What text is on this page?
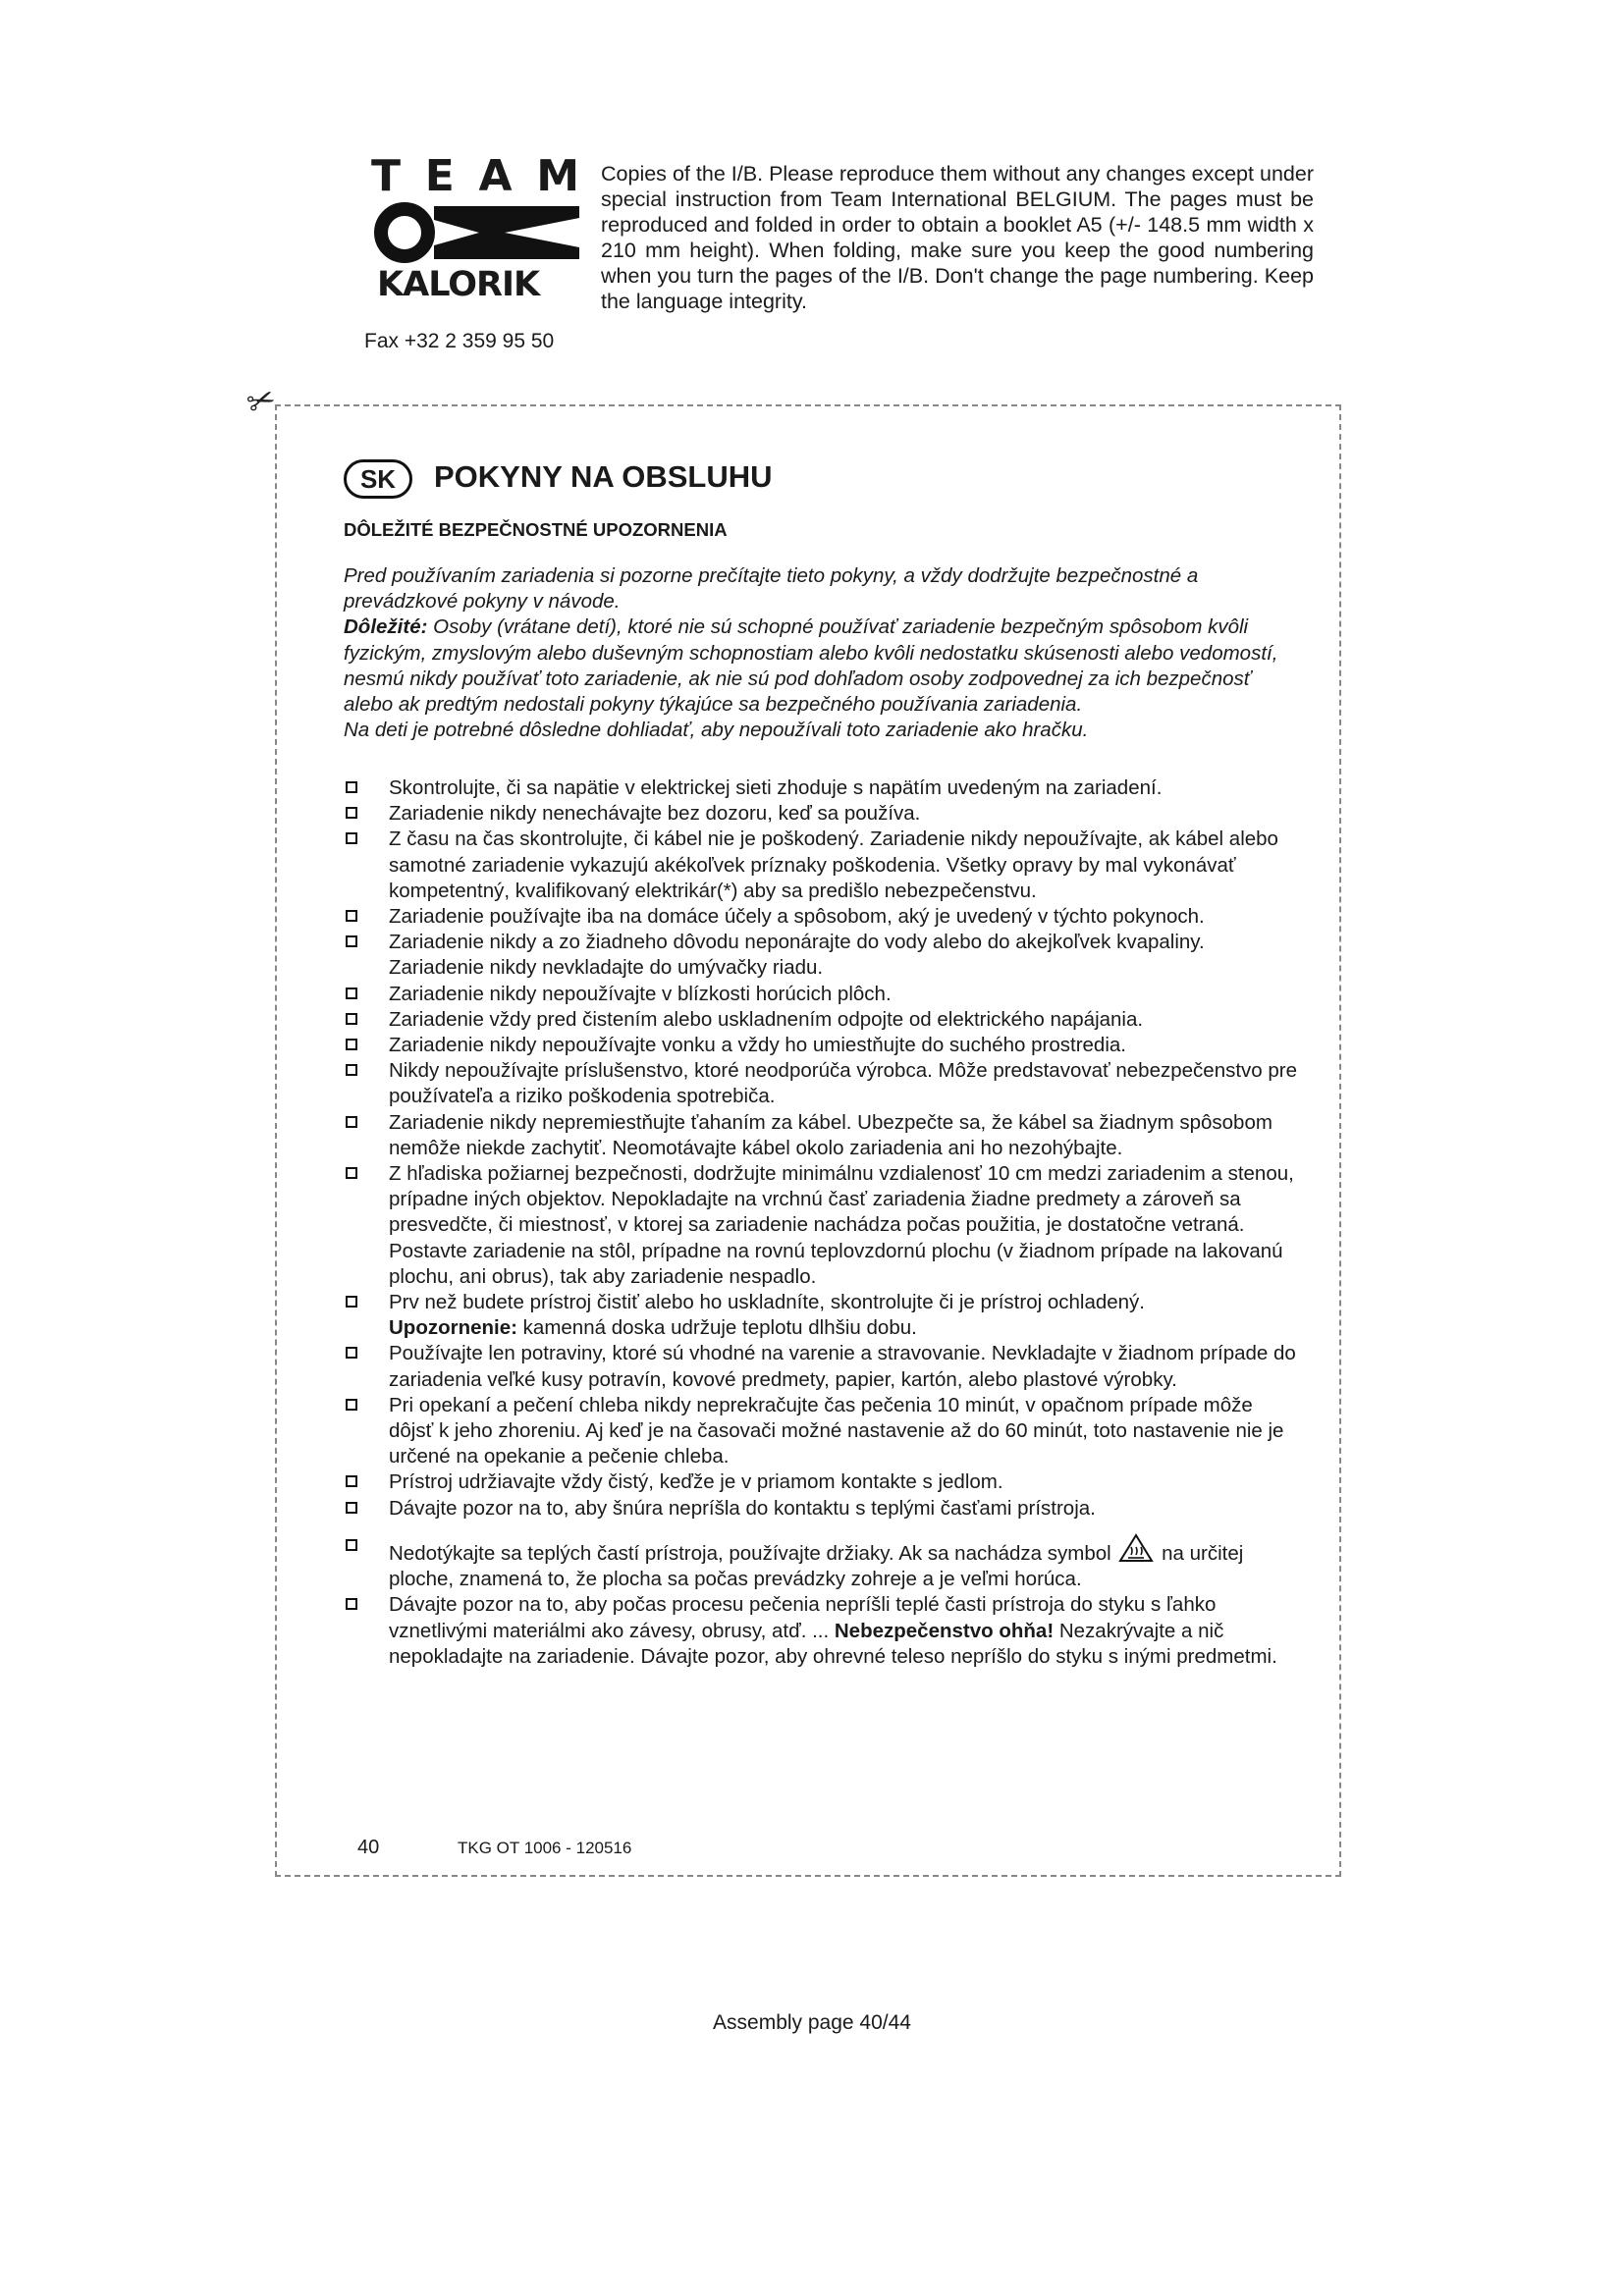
T E A M
KALORIK
Fax +32 2 359 95 50
Copies of the I/B. Please reproduce them without any changes except under special instruction from Team International BELGIUM. The pages must be reproduced and folded in order to obtain a booklet A5 (+/- 148.5 mm width x 210 mm height). When folding, make sure you keep the good numbering when you turn the pages of the I/B. Don't change the page numbering. Keep the language integrity.
✂
SK	POKYNY NA OBSLUHU
DÔLEŽITÉ BEZPEČNOSTNÉ UPOZORNENIA

Pred používaním zariadenia si pozorne prečítajte tieto pokyny, a vždy dodržujte bezpečnostné a prevádzkové pokyny v návode.

Dôležité: Osoby (vrátane detí), ktoré nie sú schopné používať zariadenie bezpečným spôsobom kvôli fyzickým, zmyslovým alebo duševným schopnostiam alebo kvôli nedostatku skúsenosti alebo vedomostí, nesmú nikdy používať toto zariadenie, ak nie sú pod dohľadom osoby zodpovednej za ich bezpečnosť alebo ak predtým nedostali pokyny týkajúce sa bezpečného používania zariadenia.

Na deti je potrebné dôsledne dohliadať, aby nepoužívali toto zariadenie ako hračku.

Skontrolujte, či sa napätie v elektrickej sieti zhoduje s napätím uvedeným na zariadení.
Zariadenie nikdy nenechávajte bez dozoru, keď sa používa.
Z času na čas skontrolujte, či kábel nie je poškodený. Zariadenie nikdy nepoužívajte, ak kábel alebo samotné zariadenie vykazujú akékoľvek príznaky poškodenia. Všetky opravy by mal vykonávať kompetentný, kvalifikovaný elektrikár(*) aby sa predišlo nebezpečenstvu.
Zariadenie používajte iba na domáce účely a spôsobom, aký je uvedený v týchto pokynoch.
Zariadenie nikdy a zo žiadneho dôvodu neponárajte do vody alebo do akejkoľvek kvapaliny. Zariadenie nikdy nevkladajte do umývačky riadu.
Zariadenie nikdy nepoužívajte v blízkosti horúcich plôch.
Zariadenie vždy pred čistením alebo uskladnením odpojte od elektrického napájania.
Zariadenie nikdy nepoužívajte vonku a vždy ho umiestňujte do suchého prostredia.
Nikdy nepoužívajte príslušenstvo, ktoré neodporúča výrobca. Môže predstavovať nebezpečenstvo pre používateľa a riziko poškodenia spotrebiča.
Zariadenie nikdy nepremiestňujte ťahaním za kábel. Ubezpečte sa, že kábel sa žiadnym spôsobom nemôže niekde zachytiť. Neomotávajte kábel okolo zariadenia ani ho nezohýbajte.
Z hľadiska požiarnej bezpečnosti, dodržujte minimálnu vzdialenosť 10 cm medzi zariadenim a stenou, prípadne iných objektov. Nepokladajte na vrchnú časť zariadenia žiadne predmety a zároveň sa presvedčte, či miestnosť, v ktorej sa zariadenie nachádza počas použitia, je dostatočne vetraná. Postavte zariadenie na stôl, prípadne na rovnú teplovzdornú plochu (v žiadnom prípade na lakovanú plochu, ani obrus), tak aby zariadenie nespadlo.
Prv než budete prístroj čistiť alebo ho uskladníte, skontrolujte či je prístroj ochladený.
Upozornenie: kamenná doska udržuje teplotu dlhšiu dobu.
Používajte len potraviny, ktoré sú vhodné na varenie a stravovanie. Nevkladajte v žiadnom prípade do zariadenia veľké kusy potravín, kovové predmety, papier, kartón, alebo plastové výrobky.
Pri opekaní a pečení chleba nikdy neprekračujte čas pečenia 10 minút, v opačnom prípade môže dôjsť k jeho zhoreniu. Aj keď je na časovači možné nastavenie až do 60 minút, toto nastavenie nie je určené na opekanie a pečenie chleba.
Prístroj udržiavajte vždy čistý, keďže je v priamom kontakte s jedlom.
Dávajte pozor na to, aby šnúra nepríšla do kontaktu s teplými časťami prístroja.
Nedotýkajte sa teplých častí prístroja, používajte držiaky. Ak sa nachádza symbol  na určitej ploche, znamená to, že plocha sa počas prevádzky zohreje a je veľmi horúca.
Dávajte pozor na to, aby počas procesu pečenia nepríšli teplé časti prístroja do styku s ľahko vznetlivými materiálmi ako závesy, obrusy, atď. ... Nebezpečenstvo ohňa! Nezakrývajte a nič nepokladajte na zariadenie. Dávajte pozor, aby ohrevné teleso nepríšlo do styku s inými predmetmi.
40	TKG OT 1006 - 120516
Assembly page 40/44
